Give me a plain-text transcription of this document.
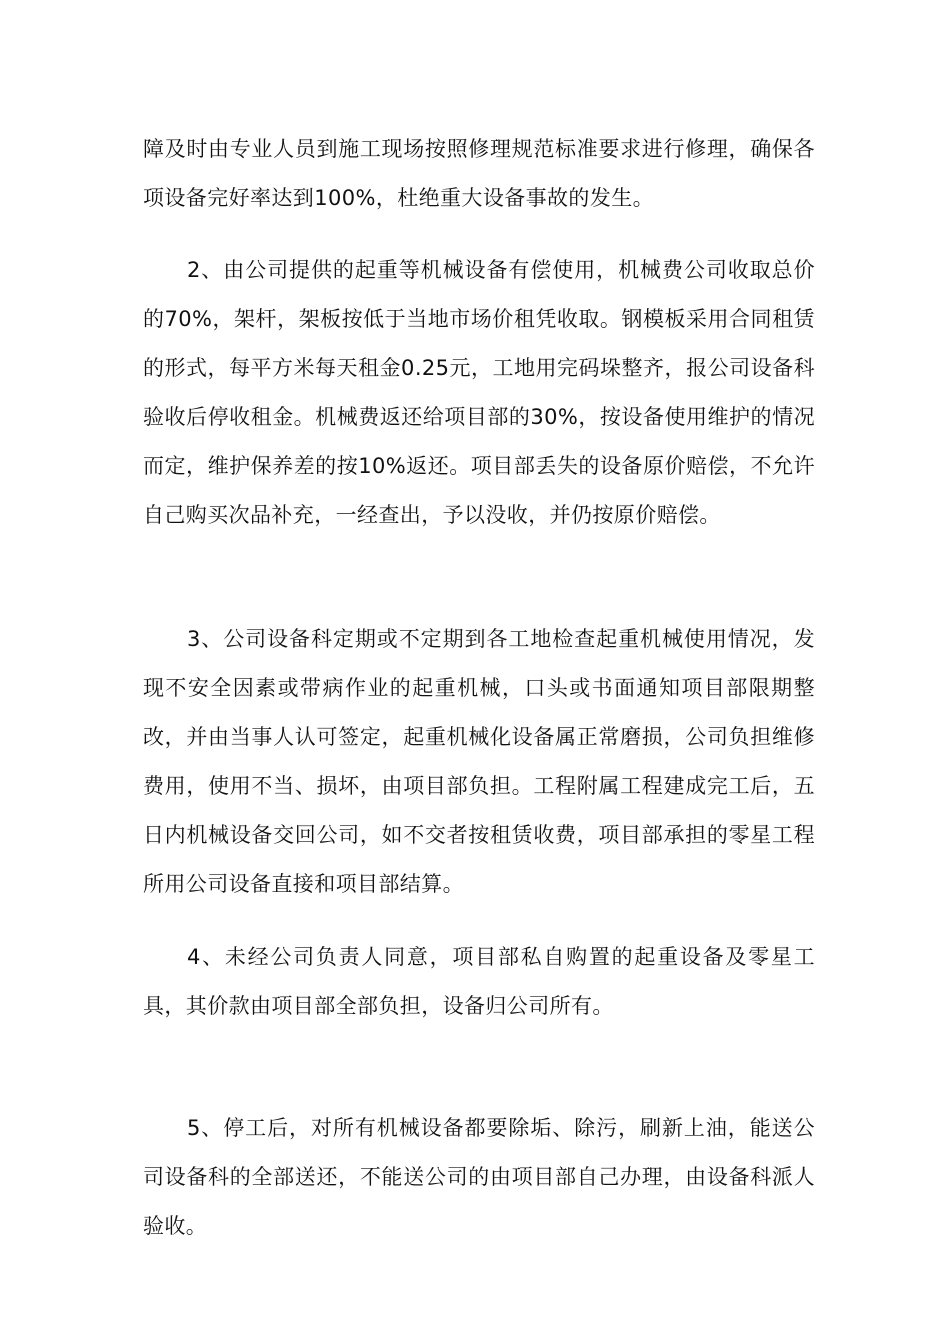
障及时由专业人员到施工现场按照修理规范标准要求进行修理，确保各项设备完好率达到100%，杜绝重大设备事故的发生。

2、由公司提供的起重等机械设备有偿使用，机械费公司收取总价的70%，架杆，架板按低于当地市场价租凭收取。钢模板采用合同租赁的形式，每平方米每天租金0.25元，工地用完码垛整齐，报公司设备科验收后停收租金。机械费返还给项目部的30%，按设备使用维护的情况而定，维护保养差的按10%返还。项目部丢失的设备原价赔偿，不允许自己购买次品补充，一经查出，予以没收，并仍按原价赔偿。

3、公司设备科定期或不定期到各工地检查起重机械使用情况，发现不安全因素或带病作业的起重机械，口头或书面通知项目部限期整改，并由当事人认可签定，起重机械化设备属正常磨损，公司负担维修费用，使用不当、损坏，由项目部负担。工程附属工程建成完工后，五日内机械设备交回公司，如不交者按租赁收费，项目部承担的零星工程所用公司设备直接和项目部结算。

4、未经公司负责人同意，项目部私自购置的起重设备及零星工具，其价款由项目部全部负担，设备归公司所有。

5、停工后，对所有机械设备都要除垢、除污，刷新上油，能送公司设备科的全部送还，不能送公司的由项目部自己办理，由设备科派人验收。
